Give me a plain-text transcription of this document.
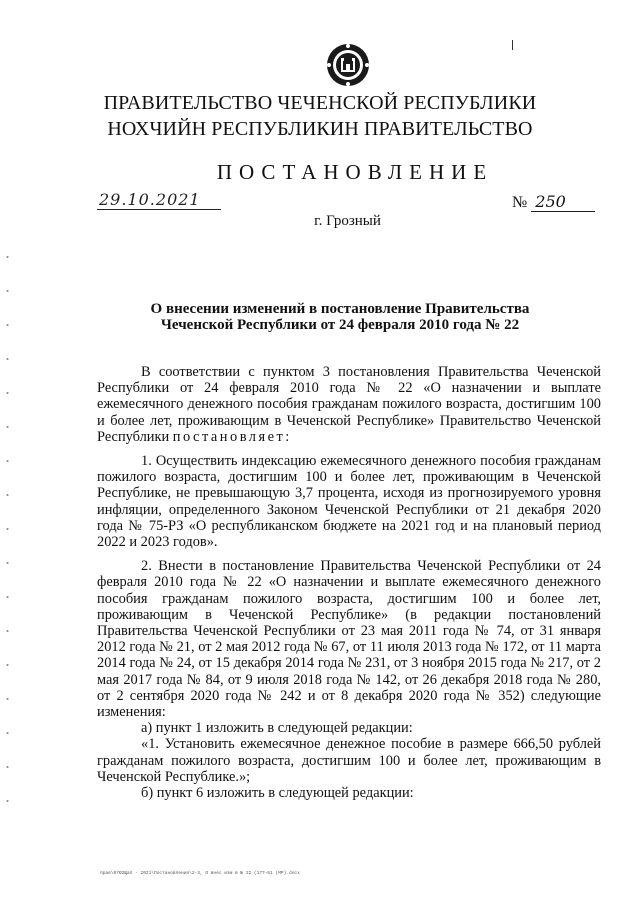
ПРАВИТЕЛЬСТВО ЧЕЧЕНСКОЙ РЕСПУБЛИКИ
НОХЧИЙН РЕСПУБЛИКИН ПРАВИТЕЛЬСТВО
ПОСТАНОВЛЕНИЕ
29.10.2021	№ 250
г. Грозный
О внесении изменений в постановление Правительства
Чеченской Республики от 24 февраля 2010 года № 22

В соответствии с пунктом 3 постановления Правительства Чеченской Республики от 24 февраля 2010 года № 22 «О назначении и выплате ежемесячного денежного пособия гражданам пожилого возраста, достигшим 100 и более лет, проживающим в Чеченской Республике» Правительство Чеченской Республики постановляет:

1. Осуществить индексацию ежемесячного денежного пособия гражданам пожилого возраста, достигшим 100 и более лет, проживающим в Чеченской Республике, не превышающую 3,7 процента, исходя из прогнозируемого уровня инфляции, определенного Законом Чеченской Республики от 21 декабря 2020 года № 75-РЗ «О республиканском бюджете на 2021 год и на плановый период 2022 и 2023 годов».

2. Внести в постановление Правительства Чеченской Республики от 24 февраля 2010 года № 22 «О назначении и выплате ежемесячного денежного пособия гражданам пожилого возраста, достигшим 100 и более лет, проживающим в Чеченской Республике» (в редакции постановлений Правительства Чеченской Республики от 23 мая 2011 года № 74, от 31 января 2012 года № 21, от 2 мая 2012 года № 67, от 11 июля 2013 года № 172, от 11 марта 2014 года № 24, от 15 декабря 2014 года № 231, от 3 ноября 2015 года № 217, от 2 мая 2017 года № 84, от 9 июля 2018 года № 142, от 26 декабря 2018 года № 280, от 2 сентября 2020 года № 242 и от 8 декабря 2020 года № 352) следующие изменения:

а) пункт 1 изложить в следующей редакции:

«1. Установить ежемесячное денежное пособие в размере 666,50 рублей гражданам пожилого возраста, достигшим 100 и более лет, проживающим в Чеченской Республике.»;

б) пункт 6 изложить в следующей редакции:

прав\07Ю2Щап - 2021\Постановления\2-3, О внес изм в № 22 (177—51 (МР).docx
